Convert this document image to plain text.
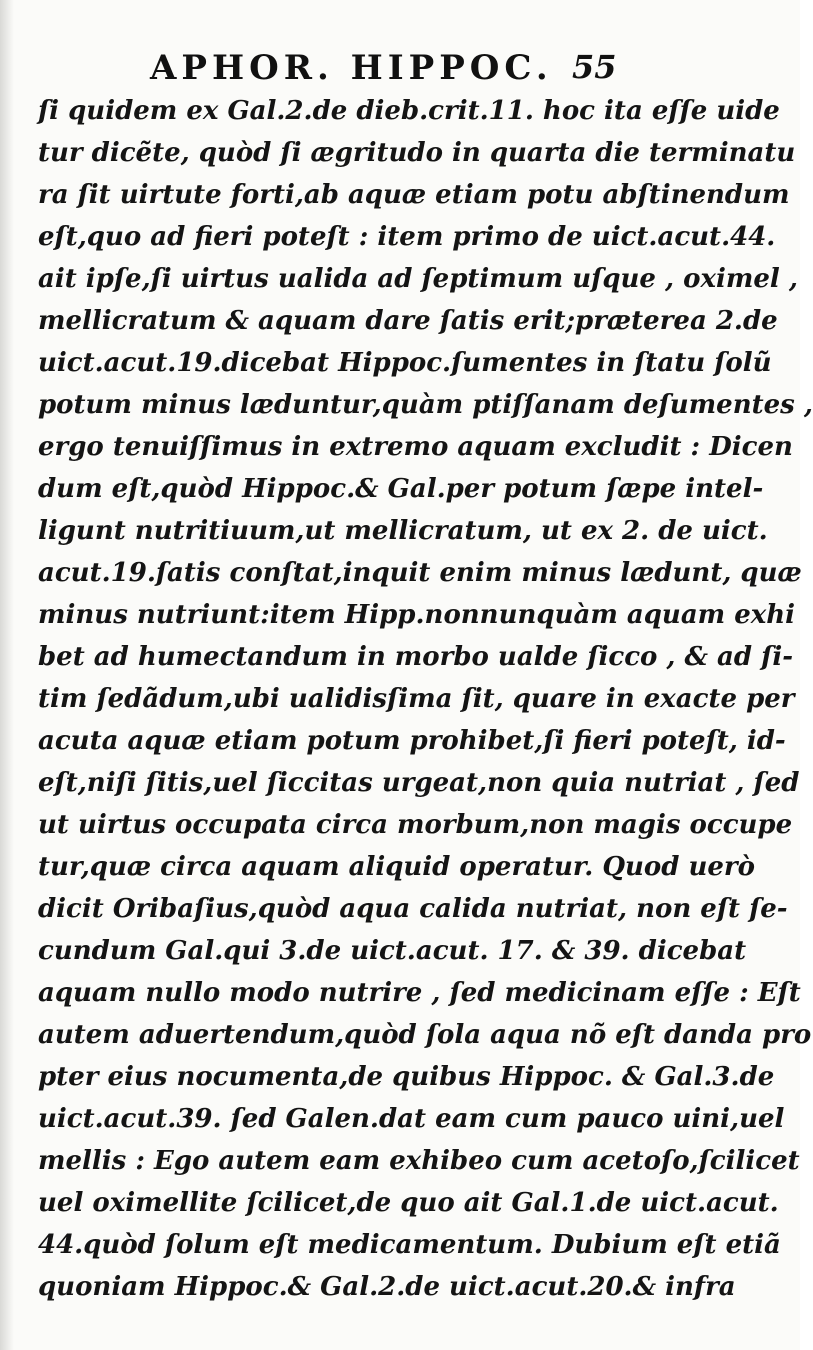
APHOR. HIPPOC. 55
ſi quidem ex Gal.2.de dieb.crit.11. hoc ita eſſe uide
tur dicẽte, quòd ſi ægritudo in quarta die terminatu
ra ſit uirtute forti,ab aquæ etiam potu abſtinendum
eſt,quo ad fieri poteſt : item primo de uict.acut.44.
ait ipſe,ſi uirtus ualida ad ſeptimum uſque , oximel ,
mellicratum & aquam dare ſatis erit;præterea 2.de
uict.acut.19.dicebat Hippoc.ſumentes in ſtatu ſolũ
potum minus læduntur,quàm ptiſſanam deſumentes ,
ergo tenuiſſimus in extremo aquam excludit : Dicen
dum eſt,quòd Hippoc.& Gal.per potum ſæpe intel-
ligunt nutritiuum,ut mellicratum, ut ex 2. de uict.
acut.19.ſatis conſtat,inquit enim minus lædunt, quæ
minus nutriunt:item Hipp.nonnunquàm aquam exhi
bet ad humectandum in morbo ualde ſicco , & ad ſi-
tim ſedãdum,ubi ualidisſima ſit, quare in exacte per
acuta aquæ etiam potum prohibet,ſi fieri poteſt, id-
eſt,niſi ſitis,uel ſiccitas urgeat,non quia nutriat , ſed
ut uirtus occupata circa morbum,non magis occupe
tur,quæ circa aquam aliquid operatur. Quod uerò
dicit Oribaſius,quòd aqua calida nutriat, non eſt ſe-
cundum Gal.qui 3.de uict.acut. 17. & 39. dicebat
aquam nullo modo nutrire , ſed medicinam eſſe : Eſt
autem aduertendum,quòd ſola aqua nõ eſt danda pro
pter eius nocumenta,de quibus Hippoc. & Gal.3.de
uict.acut.39. ſed Galen.dat eam cum pauco uini,uel
mellis : Ego autem eam exhibeo cum acetoſo,ſcilicet
uel oximellite ſcilicet,de quo ait Gal.1.de uict.acut.
44.quòd ſolum eſt medicamentum. Dubium eſt etiã
quoniam Hippoc.& Gal.2.de uict.acut.20.& infra
